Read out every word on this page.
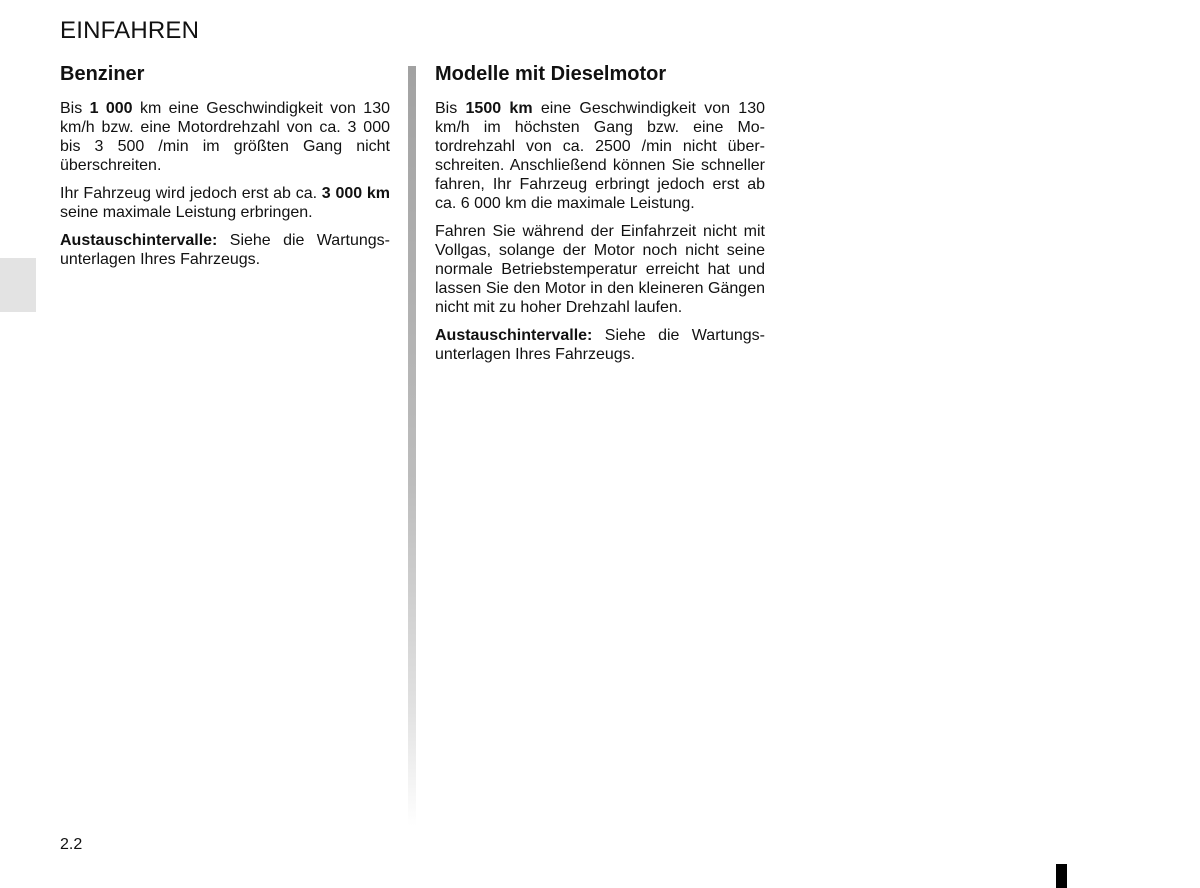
EINFAHREN
Benziner

Bis 1 000 km eine Geschwindigkeit von 130 km/h bzw. eine Motordrehzahl von ca. 3 000 bis 3 500 /min im größten Gang nicht überschreiten.

Ihr Fahrzeug wird jedoch erst ab ca. 3 000 km seine maximale Leistung erbringen.

Austauschintervalle: Siehe die Wartungsunterlagen Ihres Fahrzeugs.

Modelle mit Dieselmotor

Bis 1500 km eine Geschwindigkeit von 130 km/h im höchsten Gang bzw. eine Motordrehzahl von ca. 2500 /min nicht überschreiten. Anschließend können Sie schneller fahren, Ihr Fahrzeug erbringt jedoch erst ab ca. 6 000 km die maximale Leistung.

Fahren Sie während der Einfahrzeit nicht mit Vollgas, solange der Motor noch nicht seine normale Betriebstemperatur erreicht hat und lassen Sie den Motor in den kleineren Gängen nicht mit zu hoher Drehzahl laufen.

Austauschintervalle: Siehe die Wartungsunterlagen Ihres Fahrzeugs.

2.2
